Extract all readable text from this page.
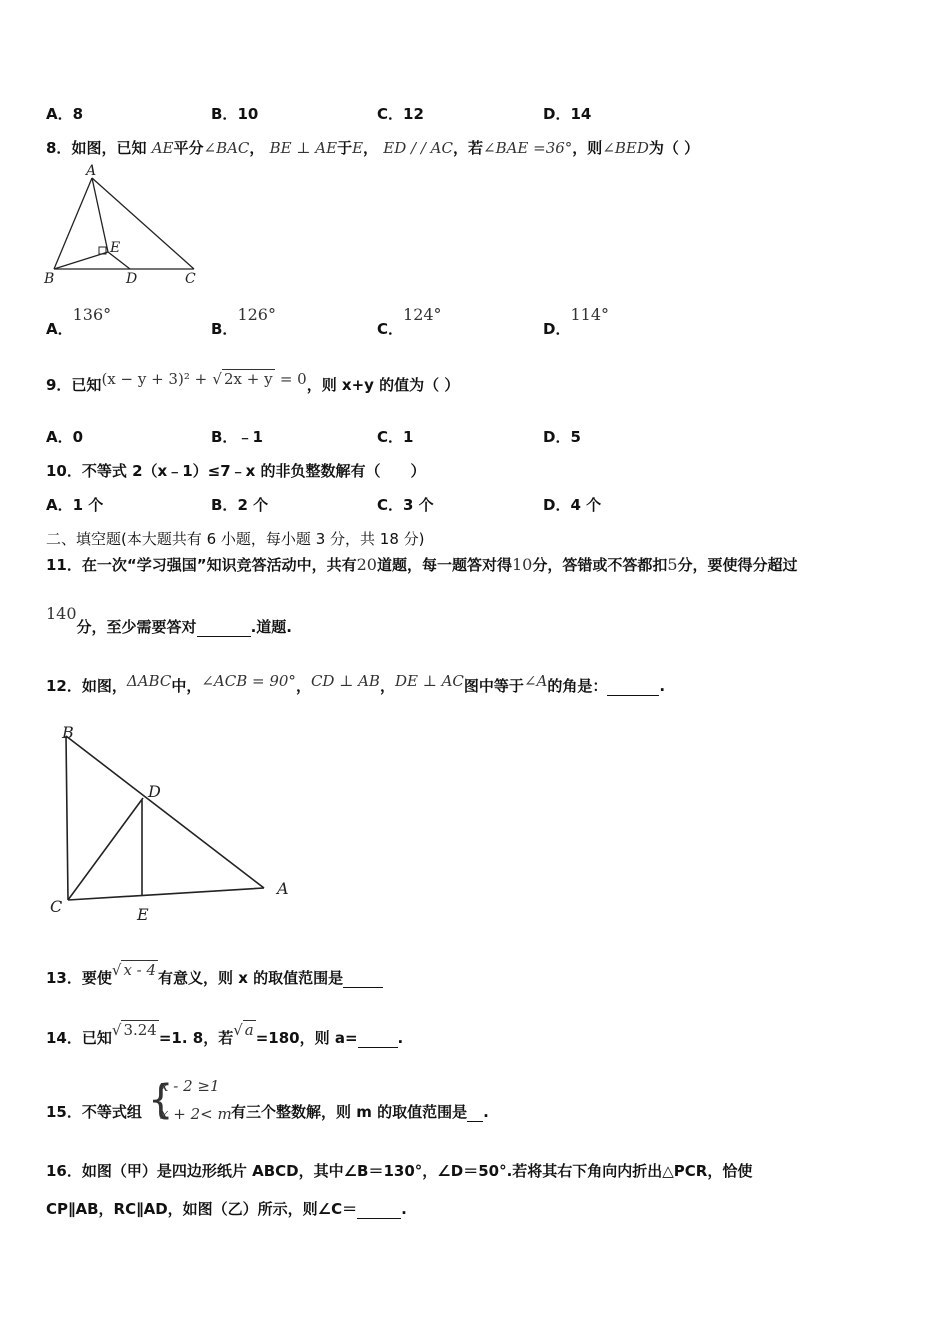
A．8	B．10	C．12	D．14
8．如图，已知 AE平分∠BAC， BE ⊥ AE于E， ED / / AC，若∠BAE =36°，则∠BED为（ ）
A
B	C
D
E
A．136°
B．126°
C．124°
D．114°
9．已知(x − y + 3)² + √ 2x + y = 0，则 x+y 的值为（ ）
A．0	B．﹣1	C．1	D．5
10．不等式 2（x﹣1）≤7﹣x 的非负整数解有（　　）
A．1 个	B．2 个	C．3 个	D．4 个
二、填空题(本大题共有 6 小题，每小题 3 分，共 18 分)
11．在一次“学习强国”知识竞答活动中，共有20道题，每一题答对得10分，答错或不答都扣5分，要使得分超过
140分，至少需要答对	.道题.
12．如图，ΔABC中，∠ACB = 90°，CD ⊥ AB，DE ⊥ AC图中等于∠A的角是：	.
B
D
C	E
A
13．要使√ x - 4 有意义，则 x 的取值范围是
14．已知√ 3.24 =1. 8，若√ a =180，则 a=	.
15．不等式组 {
x - 2 ≥1
x + 2< m 有三个整数解，则 m 的取值范围是 .
16．如图（甲）是四边形纸片 ABCD，其中∠B＝130°，∠D＝50°.若将其右下角向内折出△PCR，恰使
CP∥AB，RC∥AD，如图（乙）所示，则∠C＝	.
